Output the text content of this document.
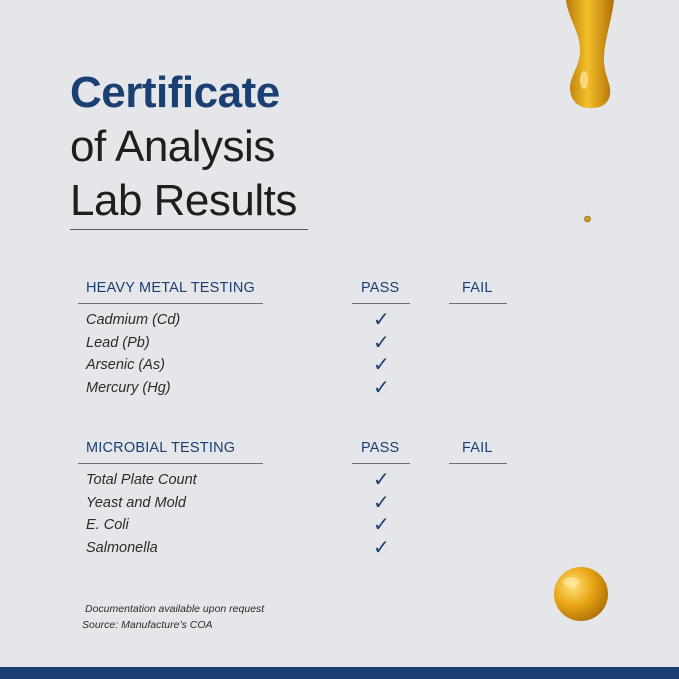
Certificate
of Analysis
Lab Results
HEAVY METAL TESTING	PASS	FAIL
Cadmium (Cd)	✓
Lead (Pb)	✓
Arsenic (As)	✓
Mercury (Hg)	✓
MICROBIAL TESTING	PASS	FAIL
Total Plate Count	✓
Yeast and Mold	✓
E. Coli	✓
Salmonella	✓
Documentation available upon request
Source: Manufacture’s COA
